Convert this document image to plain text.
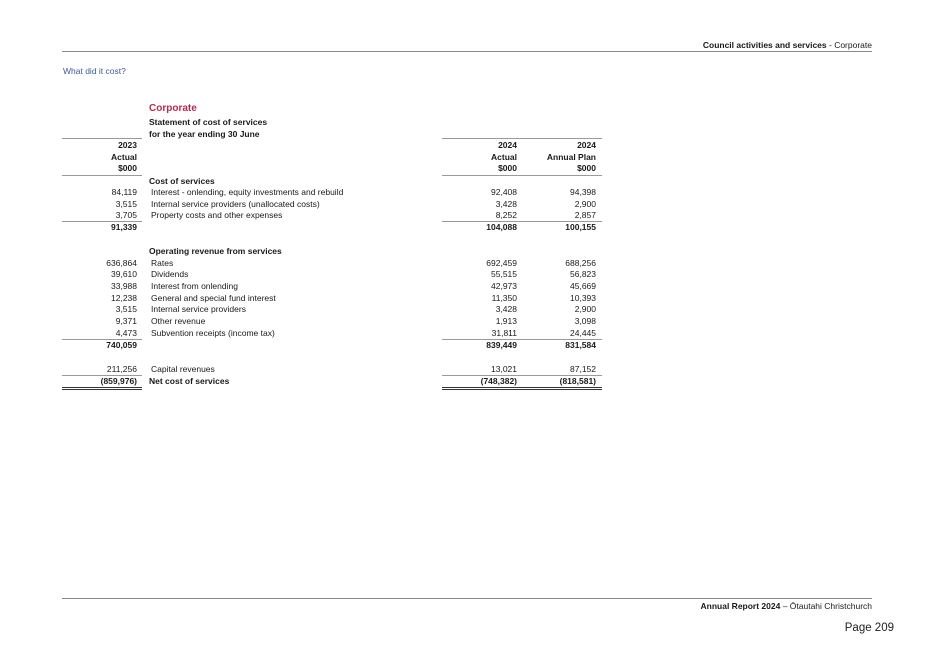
Council activities and services - Corporate
What did it cost?
Corporate
Statement of cost of services
for the year ending 30 June
2023	2024	2024
Actual	Actual	Annual Plan
$000	$000	$000
Cost of services
84,119 Interest - onlending, equity investments and rebuild	92,408	94,398
3,515 Internal service providers (unallocated costs)	3,428	2,900
3,705 Property costs and other expenses	8,252	2,857
91,339	104,088	100,155
Operating revenue from services
636,864 Rates	692,459	688,256
39,610 Dividends	55,515	56,823
33,988 Interest from onlending	42,973	45,669
12,238 General and special fund interest	11,350	10,393
3,515 Internal service providers	3,428	2,900
9,371 Other revenue	1,913	3,098
4,473 Subvention receipts (income tax)	31,811	24,445
740,059	839,449	831,584
211,256 Capital revenues	13,021	87,152
(859,976) Net cost of services	(748,382)	(818,581)
Annual Report 2024 – Ōtautahi Christchurch
Page 209
